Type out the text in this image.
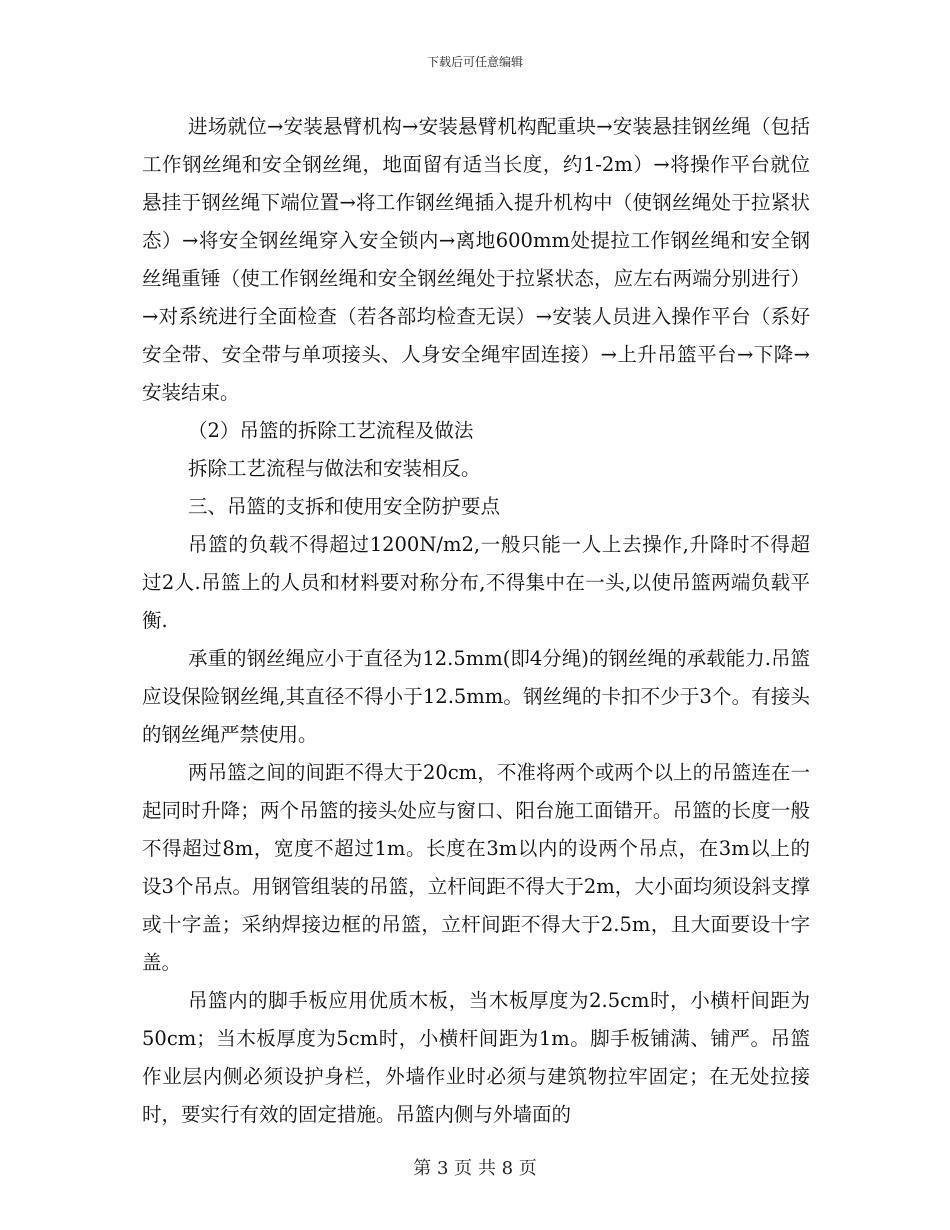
下载后可任意编辑

进场就位→安装悬臂机构→安装悬臂机构配重块→安装悬挂钢丝绳（包括工作钢丝绳和安全钢丝绳，地面留有适当长度，约1-2m）→将操作平台就位悬挂于钢丝绳下端位置→将工作钢丝绳插入提升机构中（使钢丝绳处于拉紧状态）→将安全钢丝绳穿入安全锁内→离地600mm处提拉工作钢丝绳和安全钢丝绳重锤（使工作钢丝绳和安全钢丝绳处于拉紧状态，应左右两端分别进行）→对系统进行全面检查（若各部均检查无误）→安装人员进入操作平台（系好安全带、安全带与单项接头、人身安全绳牢固连接）→上升吊篮平台→下降→安装结束。

（2）吊篮的拆除工艺流程及做法

拆除工艺流程与做法和安装相反。

三、吊篮的支拆和使用安全防护要点

吊篮的负载不得超过1200N/m2,一般只能一人上去操作,升降时不得超过2人.吊篮上的人员和材料要对称分布,不得集中在一头,以使吊篮两端负载平衡.

承重的钢丝绳应小于直径为12.5mm(即4分绳)的钢丝绳的承载能力.吊篮应设保险钢丝绳,其直径不得小于12.5mm。钢丝绳的卡扣不少于3个。有接头的钢丝绳严禁使用。

两吊篮之间的间距不得大于20cm，不准将两个或两个以上的吊篮连在一起同时升降；两个吊篮的接头处应与窗口、阳台施工面错开。吊篮的长度一般不得超过8m，宽度不超过1m。长度在3m以内的设两个吊点，在3m以上的设3个吊点。用钢管组装的吊篮，立杆间距不得大于2m，大小面均须设斜支撑或十字盖；采纳焊接边框的吊篮，立杆间距不得大于2.5m，且大面要设十字盖。

吊篮内的脚手板应用优质木板，当木板厚度为2.5cm时，小横杆间距为50cm；当木板厚度为5cm时，小横杆间距为1m。脚手板铺满、铺严。吊篮作业层内侧必须设护身栏，外墙作业时必须与建筑物拉牢固定；在无处拉接时，要实行有效的固定措施。吊篮内侧与外墙面的

第 3 页 共 8 页
